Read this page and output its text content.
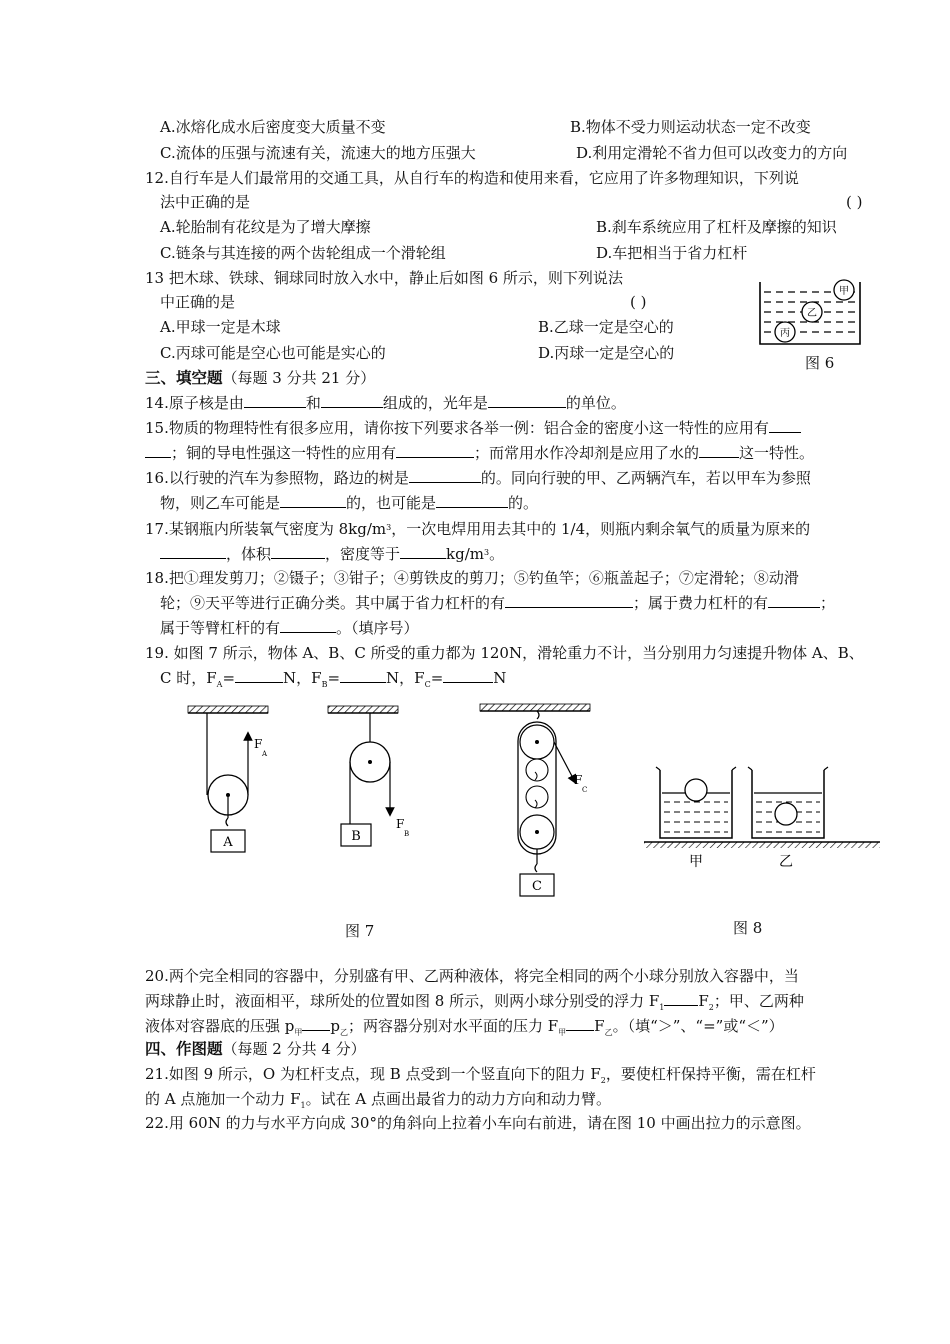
A.冰熔化成水后密度变大质量不变	B.物体不受力则运动状态一定不改变
C.流体的压强与流速有关，流速大的地方压强大	D.利用定滑轮不省力但可以改变力的方向
12.自行车是人们最常用的交通工具，从自行车的构造和使用来看，它应用了许多物理知识，下列说
法中正确的是	( )
A.轮胎制有花纹是为了增大摩擦	B.刹车系统应用了杠杆及摩擦的知识
C.链条与其连接的两个齿轮组成一个滑轮组	D.车把相当于省力杠杆
13 把木球、铁球、铜球同时放入水中，静止后如图 6 所示，则下列说法
中正确的是	( )
A.甲球一定是木球	B.乙球一定是空心的
C.丙球可能是空心也可能是实心的	D.丙球一定是空心的
甲
乙
丙
图 6
三、填空题（每题 3 分共 21 分）
14.原子核是由	和	组成的，光年是	的单位。
15.物质的物理特性有很多应用，请你按下列要求各举一例：铝合金的密度小这一特性的应用有
；铜的导电性强这一特性的应用有	；而常用水作冷却剂是应用了水的	这一特性。
16.以行驶的汽车为参照物，路边的树是	的。同向行驶的甲、乙两辆汽车，若以甲车为参照
物，则乙车可能是	的，也可能是	的。
17.某钢瓶内所装氧气密度为 $8kg/m^3$，一次电焊用用去其中的 1/4，则瓶内剩余氧气的质量为原来的
，体积	，密度等于	$kg/m^3$。
18.把①理发剪刀；②镊子；③钳子；④剪铁皮的剪刀；⑤钓鱼竿；⑥瓶盖起子；⑦定滑轮；⑧动滑
轮；⑨天平等进行正确分类。其中属于省力杠杆的有	；属于费力杠杆的有	；
属于等臂杠杆的有	。（填序号）
19. 如图 7 所示，物体 A、B、C 所受的重力都为 120N，滑轮重力不计，当分别用力匀速提升物体 A、B、
C 时，$F_A=$	N，$F_B=$	N，$F_C=$	N
A
F
A
B
F
B
C
F
C
图 7
甲	乙
图 8
20.两个完全相同的容器中，分别盛有甲、乙两种液体，将完全相同的两个小球分别放入容器中，当
两球静止时，液面相平，球所处的位置如图 8 所示，则两小球分别受的浮力 $F_1$ $F_2$；甲、乙两种
液体对容器底的压强 $p_甲$ $p_乙$；两容器分别对水平面的压力 $F_甲$ $F_乙$。（填“＞”、“=”或“＜”）
四、作图题（每题 2 分共 4 分）
21.如图 9 所示，O 为杠杆支点，现 B 点受到一个竖直向下的阻力 $F_2$，要使杠杆保持平衡，需在杠杆
的 A 点施加一个动力 $F_1$。试在 A 点画出最省力的动力方向和动力臂。
22.用 60N 的力与水平方向成 30°的角斜向上拉着小车向右前进，请在图 10 中画出拉力的示意图。
